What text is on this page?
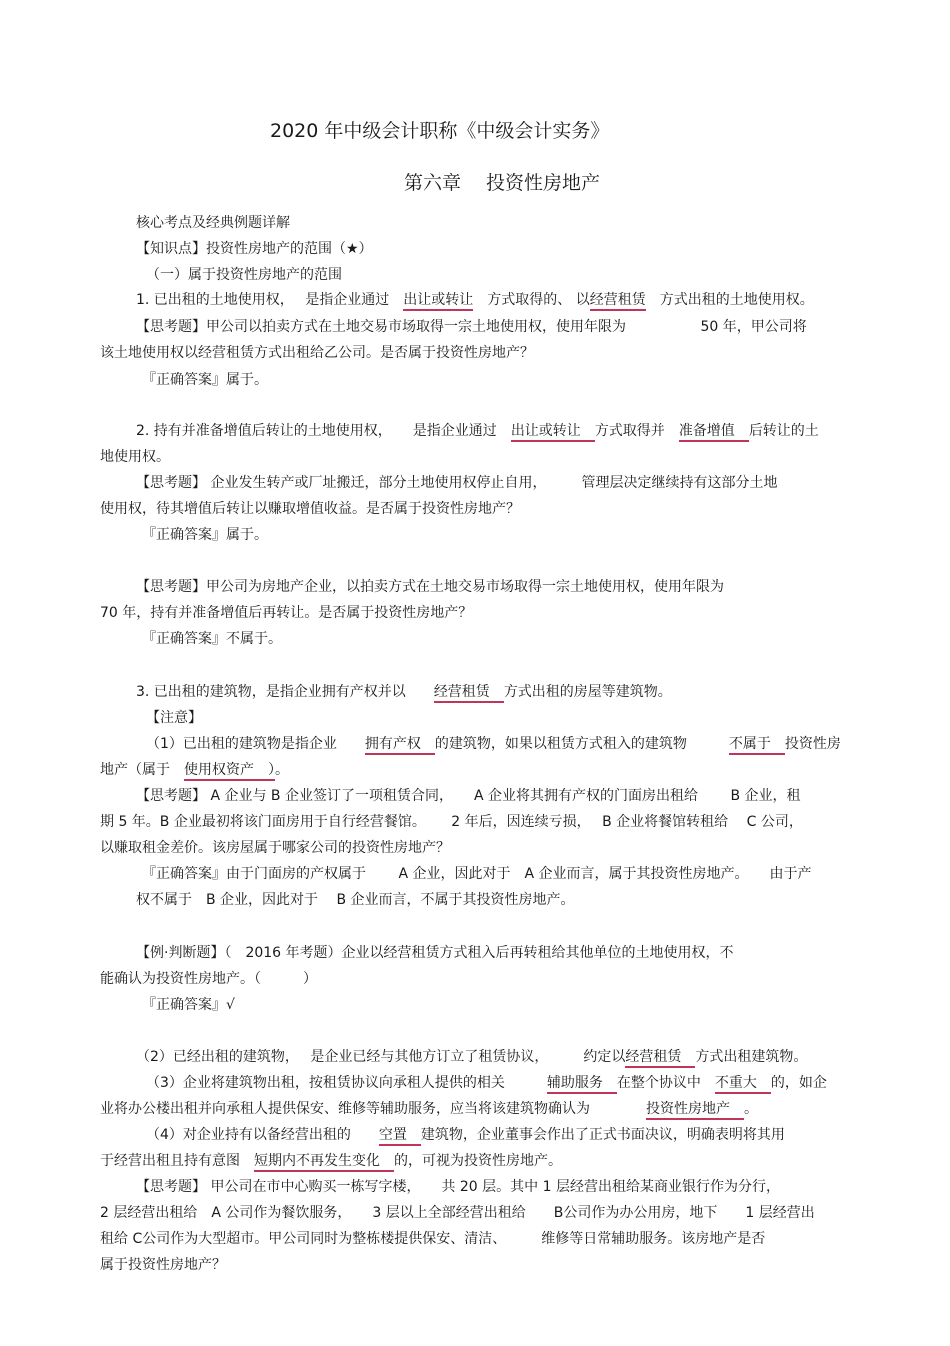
2020 年中级会计职称《中级会计实务》
第六章　 投资性房地产
核心考点及经典例题详解
【知识点】投资性房地产的范围（★）
（一）属于投资性房地产的范围
1. 已出租的土地使用权，　 是指企业通过　出让或转让　方式取得的、 以经营租赁　方式出租的土地使用权。
【思考题】甲公司以拍卖方式在土地交易市场取得一宗土地使用权，使用年限为　　　　　 50 年，甲公司将
该土地使用权以经营租赁方式出租给乙公司。是否属于投资性房地产？
『正确答案』属于。
2. 持有并准备增值后转让的土地使用权，　　是指企业通过　出让或转让　方式取得并　准备增值　后转让的土
地使用权。
【思考题】 企业发生转产或厂址搬迁，部分土地使用权停止自用，　　　管理层决定继续持有这部分土地
使用权，待其增值后转让以赚取增值收益。是否属于投资性房地产？
『正确答案』属于。
【思考题】甲公司为房地产企业，以拍卖方式在土地交易市场取得一宗土地使用权，使用年限为
70 年，持有并准备增值后再转让。是否属于投资性房地产？
『正确答案』不属于。
3. 已出租的建筑物，是指企业拥有产权并以　　经营租赁　方式出租的房屋等建筑物。
【注意】
（1）已出租的建筑物是指企业　　拥有产权　的建筑物，如果以租赁方式租入的建筑物　　　不属于　投资性房
地产（属于　使用权资产　）。
【思考题】 A 企业与 B 企业签订了一项租赁合同，　　A 企业将其拥有产权的门面房出租给　　 B 企业，租
期 5 年。B 企业最初将该门面房用于自行经营餐馆。　　 2 年后，因连续亏损，　 B 企业将餐馆转租给　 C 公司，
以赚取租金差价。该房屋属于哪家公司的投资性房地产？
『正确答案』由于门面房的产权属于　　 A 企业，因此对于　A 企业而言，属于其投资性房地产。　　由于产
权不属于　B 企业，因此对于　 B 企业而言，不属于其投资性房地产。
【例·判断题】（　2016 年考题）企业以经营租赁方式租入后再转租给其他单位的土地使用权，不
能确认为投资性房地产。（　　　）
『正确答案』√
（2）已经出租的建筑物，　 是企业已经与其他方订立了租赁协议，　　　约定以经营租赁　方式出租建筑物。
（3）企业将建筑物出租，按租赁协议向承租人提供的相关　　　辅助服务　在整个协议中　不重大　的，如企
业将办公楼出租并向承租人提供保安、维修等辅助服务，应当将该建筑物确认为　　　　投资性房地产　。
（4）对企业持有以备经营出租的　　空置　建筑物，企业董事会作出了正式书面决议，明确表明将其用
于经营出租且持有意图　短期内不再发生变化　的，可视为投资性房地产。
【思考题】 甲公司在市中心购买一栋写字楼，　　共 20 层。其中 1 层经营出租给某商业银行作为分行，
2 层经营出租给　A 公司作为餐饮服务，　　3 层以上全部经营出租给　　B公司作为办公用房，地下　　1 层经营出
租给 C公司作为大型超市。甲公司同时为整栋楼提供保安、清洁、　　　维修等日常辅助服务。该房地产是否
属于投资性房地产？
